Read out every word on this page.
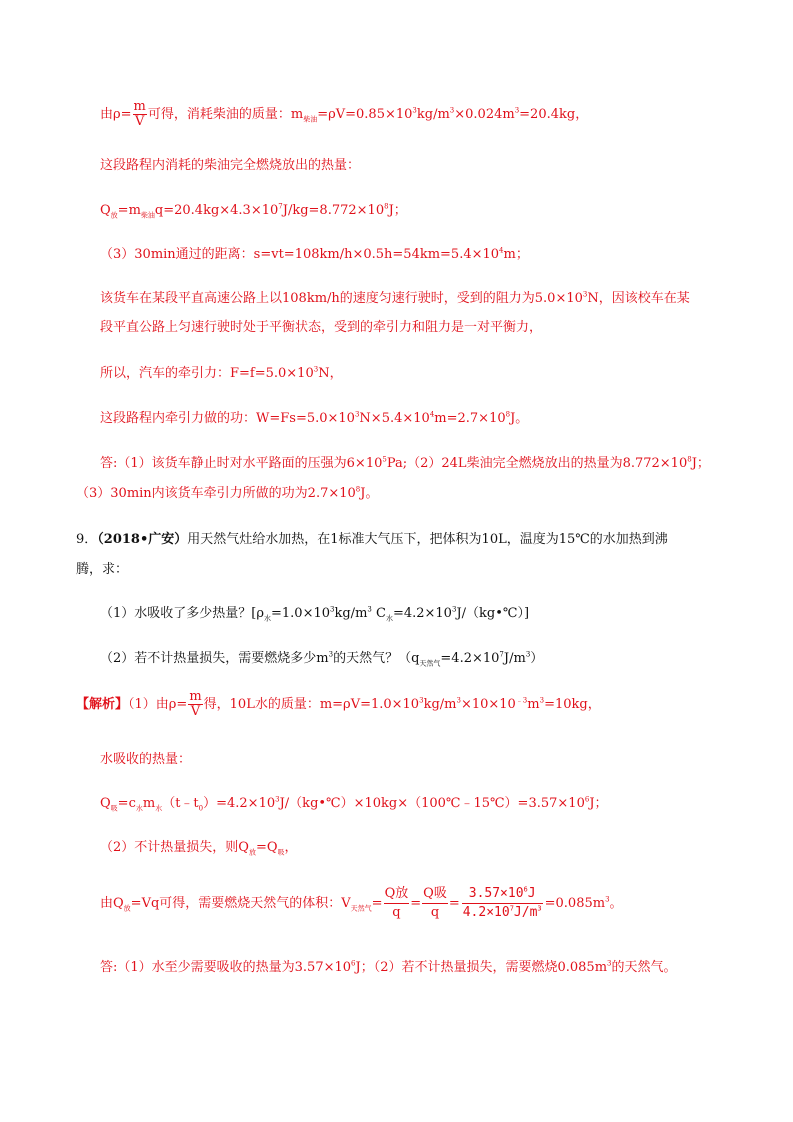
由$\rho= \frac{m}{V}$ 可得，消耗柴油的质量：$m_{柴油}=\rho V=0.85\times 10^3kg/m^3\times 0.024m^3=20.4kg$，
这段路程内消耗的柴油完全燃烧放出的热量：
$Q_放=m_{柴油}q=20.4kg\times 4.3\times 10^7J/kg=8.772\times 10^8J$；
（3）30min通过的距离：$s=vt=108km/h\times 0.5h=54km=5.4\times 10^4m$；
该货车在某段平直高速公路上以108km/h的速度匀速行驶时，受到的阻力为$5.0\times 10^3N$，因该校车在某
段平直公路上匀速行驶时处于平衡状态，受到的牵引力和阻力是一对平衡力，
所以，汽车的牵引力：$F=f=5.0\times 10^3N$，
这段路程内牵引力做的功：$W=Fs=5.0\times 10^3N\times 5.4\times 10^4m=2.7\times 10^8J$。
答:（1）该货车静止时对水平路面的压强为$6\times 10^5Pa;(2)24L$柴油完全燃烧放出的热量为$8.772\times 10^8J$；
（3）30min内该货车牵引力所做的功为$2.7\times 10^8J$。
9．（2018•广安）用天然气灶给水加热，在1标准大气压下，把体积为10L，温度为15℃的水加热到沸
腾，求：
（1）水吸收了多少热量？[$\rho_水=1.0\times 10^3kg/m^3$ $C_水=4.2\times 10^3J/(kg•℃)$]
（2）若不计热量损失，需要燃烧多少$m^3$的天然气？$(q_{天然气}=4.2\times 10^7J/m^3)$
【解析】（1）由$\rho= \frac{m}{V}$ 得，10L水的质量：$m=\rho V=1.0\times 10^3kg/m^3\times 10\times 10^{﹣3}m^3=10kg$，
水吸收的热量：
$Q_吸=c_水m_水(t﹣t_0)=4.2\times 10^3J/(kg•℃)\times 10kg\times(100℃﹣15℃)=3.57\times 10^6J$；
（2）不计热量损失，则$Q_放=Q_吸$，
由$Q_放=Vq$可得，需要燃烧天然气的体积：$V_{天然气}= \frac{\text{Q放}}{q} = \frac{\text{Q吸}}{q} = \frac{3.57\times 10^6J}{4.2\times 10^7J/m^3} =0.085m^3$。
答:（1）水至少需要吸收的热量为$3.57\times 10^6J$；（2）若不计热量损失，需要燃烧$0.085m^3$的天然气。
